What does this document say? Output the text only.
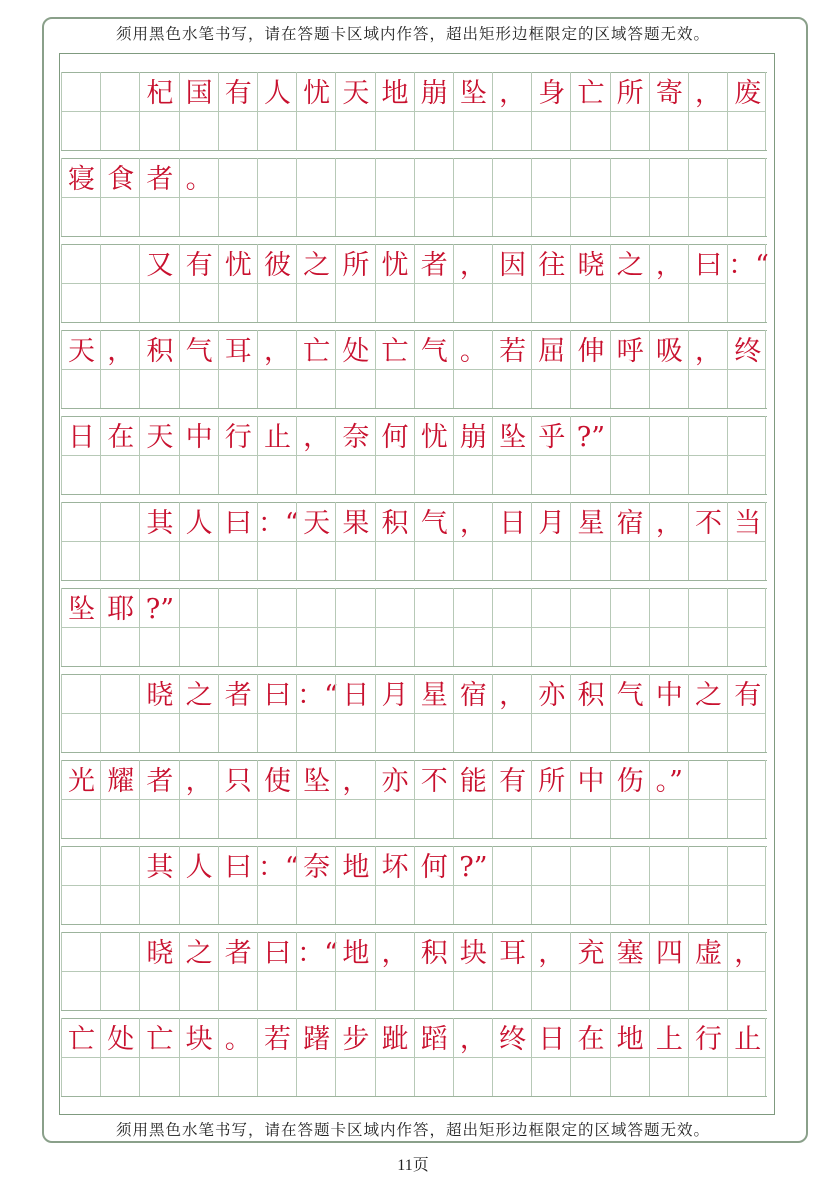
须用黑色水笔书写，请在答题卡区域内作答，超出矩形边框限定的区域答题无效。
杞 国 有 人 忧 天 地 崩 坠 ， 身 亡 所 寄 ， 废
寝 食 者 。
又 有 忧 彼 之 所 忧 者 ， 因 往 晓 之 ， 曰 ：“
天 ， 积 气 耳 ， 亡 处 亡 气 。 若 屈 伸 呼 吸 ， 终
日 在 天 中 行 止 ， 奈 何 忧 崩 坠 乎 ?”
其 人 曰 ：“ 天 果 积 气 ， 日 月 星 宿 ， 不 当
坠 耶 ?”
晓 之 者 曰 ：“ 日 月 星 宿 ， 亦 积 气 中 之 有
光 耀 者 ， 只 使 坠 ， 亦 不 能 有 所 中 伤 。”
其 人 曰 ：“ 奈 地 坏 何 ?”
晓 之 者 曰 ：“ 地 ， 积 块 耳 ， 充 塞 四 虚 ，
亡 处 亡 块 。 若 躇 步 跐 蹈 ， 终 日 在 地 上 行 止
须用黑色水笔书写，请在答题卡区域内作答，超出矩形边框限定的区域答题无效。
11页
